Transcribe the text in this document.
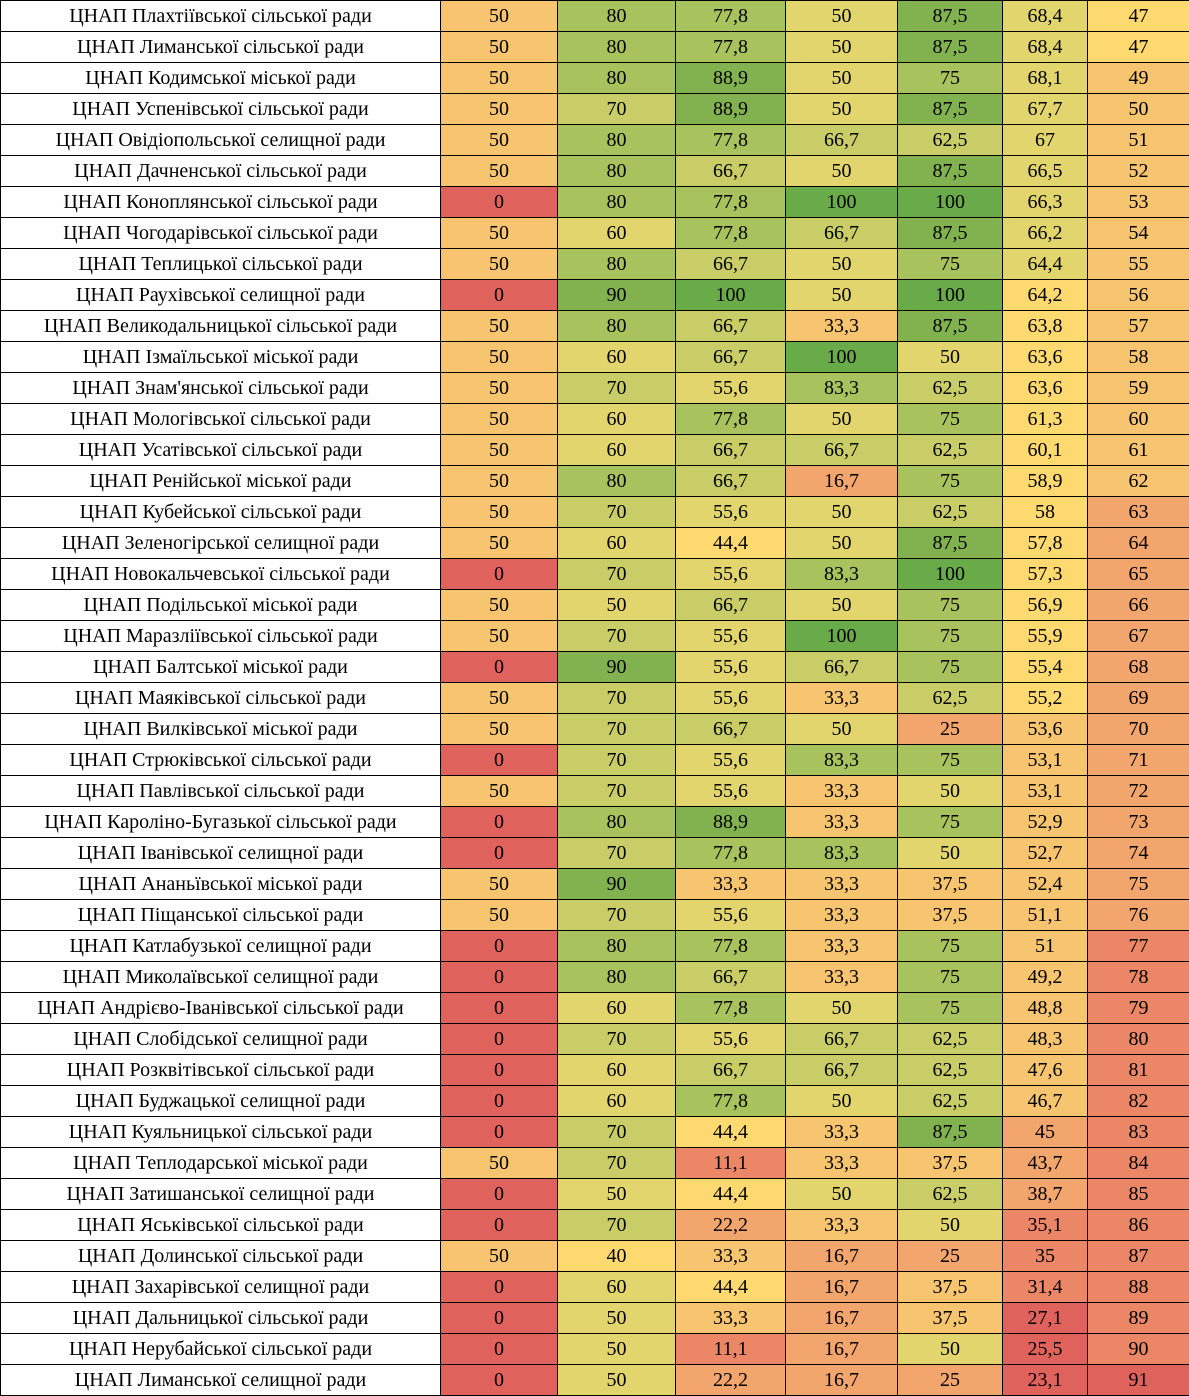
ЦНАП Плахтіївської сільської ради	50	80	77,8	50	87,5	68,4	47
ЦНАП Лиманської сільської ради	50	80	77,8	50	87,5	68,4	47
ЦНАП Кодимської міської ради	50	80	88,9	50	75	68,1	49
ЦНАП Успенівської сільської ради	50	70	88,9	50	87,5	67,7	50
ЦНАП Овідіопольської селищної ради	50	80	77,8	66,7	62,5	67	51
ЦНАП Дачненської сільської ради	50	80	66,7	50	87,5	66,5	52
ЦНАП Коноплянської сільської ради	0	80	77,8	100	100	66,3	53
ЦНАП Чогодарівської сільської ради	50	60	77,8	66,7	87,5	66,2	54
ЦНАП Теплицької сільської ради	50	80	66,7	50	75	64,4	55
ЦНАП Раухівської селищної ради	0	90	100	50	100	64,2	56
ЦНАП Великодальницької сільської ради	50	80	66,7	33,3	87,5	63,8	57
ЦНАП Ізмаїльської міської ради	50	60	66,7	100	50	63,6	58
ЦНАП Знам'янської сільської ради	50	70	55,6	83,3	62,5	63,6	59
ЦНАП Мологівської сільської ради	50	60	77,8	50	75	61,3	60
ЦНАП Усатівської сільської ради	50	60	66,7	66,7	62,5	60,1	61
ЦНАП Ренійської міської ради	50	80	66,7	16,7	75	58,9	62
ЦНАП Кубейської сільської ради	50	70	55,6	50	62,5	58	63
ЦНАП Зеленогірської селищної ради	50	60	44,4	50	87,5	57,8	64
ЦНАП Новокальчевської сільської ради	0	70	55,6	83,3	100	57,3	65
ЦНАП Подільської міської ради	50	50	66,7	50	75	56,9	66
ЦНАП Маразліївської сільської ради	50	70	55,6	100	75	55,9	67
ЦНАП Балтської міської ради	0	90	55,6	66,7	75	55,4	68
ЦНАП Маяківської сільської ради	50	70	55,6	33,3	62,5	55,2	69
ЦНАП Вилківської міської ради	50	70	66,7	50	25	53,6	70
ЦНАП Стрюківської сільської ради	0	70	55,6	83,3	75	53,1	71
ЦНАП Павлівської сільської ради	50	70	55,6	33,3	50	53,1	72
ЦНАП Кароліно-Бугазької сільської ради	0	80	88,9	33,3	75	52,9	73
ЦНАП Іванівської селищної ради	0	70	77,8	83,3	50	52,7	74
ЦНАП Ананьївської міської ради	50	90	33,3	33,3	37,5	52,4	75
ЦНАП Піщанської сільської ради	50	70	55,6	33,3	37,5	51,1	76
ЦНАП Катлабузької селищної ради	0	80	77,8	33,3	75	51	77
ЦНАП Миколаївської селищної ради	0	80	66,7	33,3	75	49,2	78
ЦНАП Андрієво-Іванівської сільської ради	0	60	77,8	50	75	48,8	79
ЦНАП Слобідської селищної ради	0	70	55,6	66,7	62,5	48,3	80
ЦНАП Розквітівської сільської ради	0	60	66,7	66,7	62,5	47,6	81
ЦНАП Буджацької селищної ради	0	60	77,8	50	62,5	46,7	82
ЦНАП Куяльницької сільської ради	0	70	44,4	33,3	87,5	45	83
ЦНАП Теплодарської міської ради	50	70	11,1	33,3	37,5	43,7	84
ЦНАП Затишанської селищної ради	0	50	44,4	50	62,5	38,7	85
ЦНАП Яськівської сільської ради	0	70	22,2	33,3	50	35,1	86
ЦНАП Долинської сільської ради	50	40	33,3	16,7	25	35	87
ЦНАП Захарівської селищної ради	0	60	44,4	16,7	37,5	31,4	88
ЦНАП Дальницької сільської ради	0	50	33,3	16,7	37,5	27,1	89
ЦНАП Нерубайської сільської ради	0	50	11,1	16,7	50	25,5	90
ЦНАП Лиманської селищної ради	0	50	22,2	16,7	25	23,1	91
